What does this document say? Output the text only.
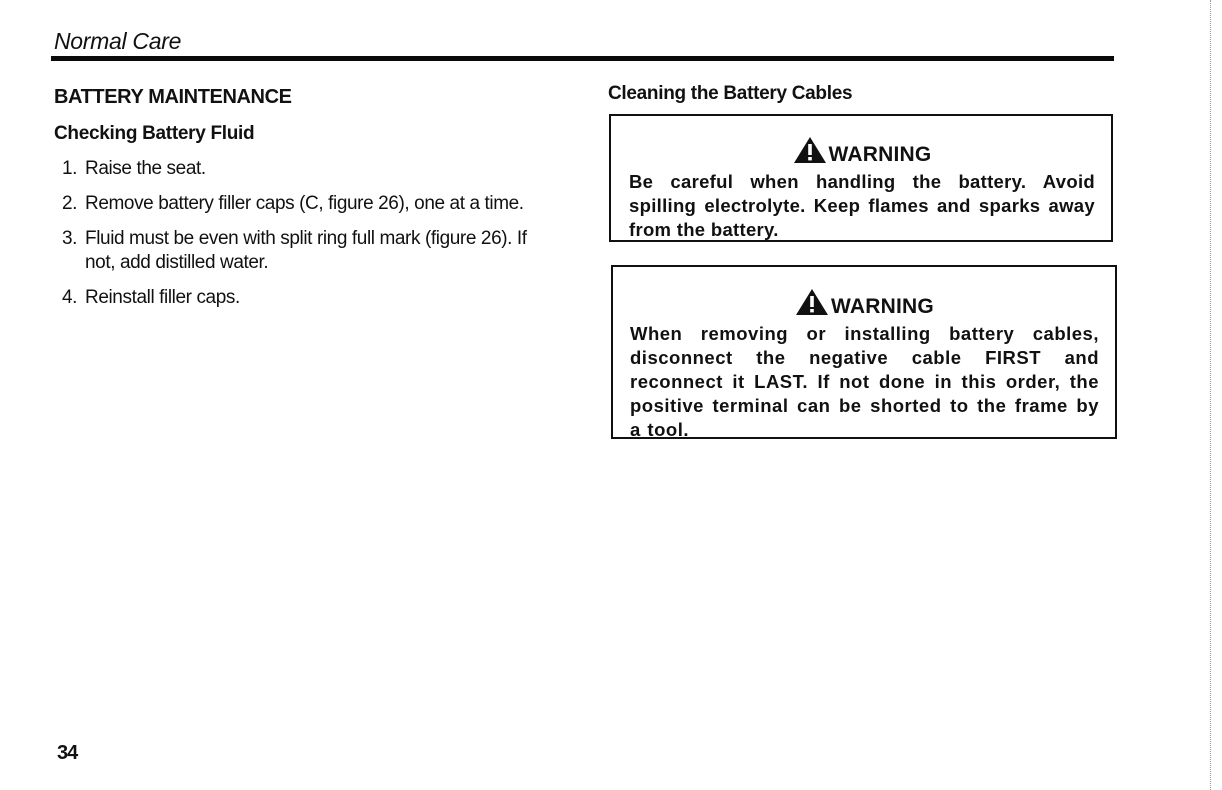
Normal Care
BATTERY MAINTENANCE
Checking Battery Fluid
1. Raise the seat.
2. Remove battery filler caps (C, figure 26), one at a time.
3. Fluid must be even with split ring full mark (figure 26). If not, add distilled water.
4. Reinstall filler caps.
Cleaning the Battery Cables
WARNING

Be careful when handling the battery. Avoid spilling electrolyte. Keep flames and sparks away from the battery.

WARNING

When removing or installing battery cables, disconnect the negative cable FIRST and reconnect it LAST. If not done in this order, the positive terminal can be shorted to the frame by a tool.

34
